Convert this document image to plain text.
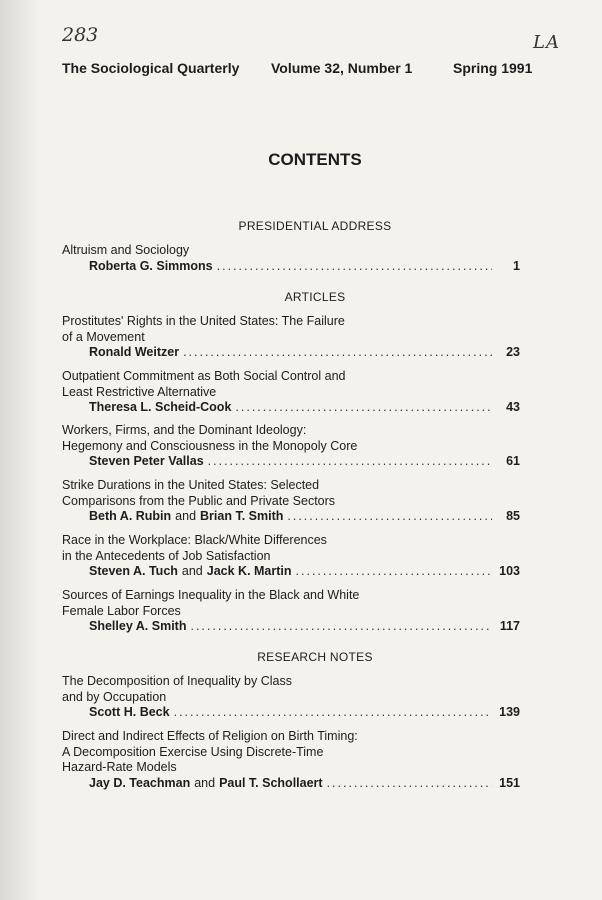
283	LA
The Sociological Quarterly Volume 32, Number 1	Spring 1991
CONTENTS
PRESIDENTIAL ADDRESS
Altruism and Sociology
Roberta G. Simmons .....	1
ARTICLES
Prostitutes' Rights in the United States: The Failure
of a Movement
Ronald Weitzer .....	23
Outpatient Commitment as Both Social Control and
Least Restrictive Alternative
Theresa L. Scheid-Cook .....	43
Workers, Firms, and the Dominant Ideology:
Hegemony and Consciousness in the Monopoly Core
Steven Peter Vallas .....	61
Strike Durations in the United States: Selected
Comparisons from the Public and Private Sectors
Beth A. Rubin and Brian T. Smith .....	85
Race in the Workplace: Black/White Differences
in the Antecedents of Job Satisfaction
Steven A. Tuch and Jack K. Martin .....	103
Sources of Earnings Inequality in the Black and White
Female Labor Forces
Shelley A. Smith .....	117
RESEARCH NOTES
The Decomposition of Inequality by Class
and by Occupation
Scott H. Beck .....	139
Direct and Indirect Effects of Religion on Birth Timing:
A Decomposition Exercise Using Discrete-Time
Hazard-Rate Models
Jay D. Teachman and Paul T. Schollaert .....	151
